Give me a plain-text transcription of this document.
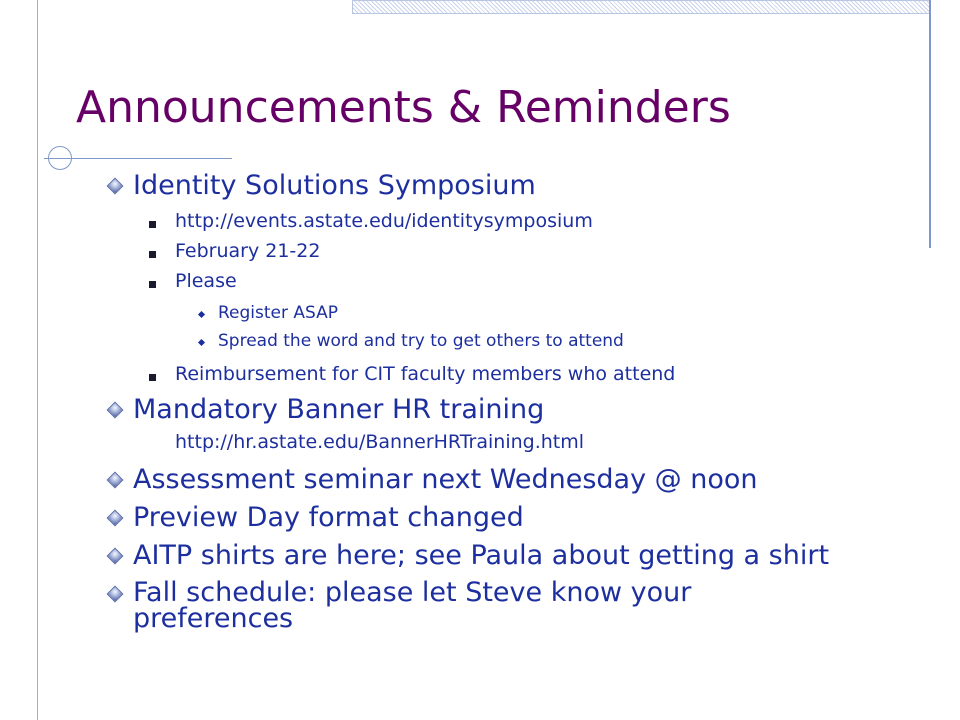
Announcements & Reminders
Identity Solutions Symposium
http://events.astate.edu/identitysymposium
February 21-22
Please
Register ASAP
Spread the word and try to get others to attend
Reimbursement for CIT faculty members who attend
Mandatory Banner HR training
http://hr.astate.edu/BannerHRTraining.html
Assessment seminar next Wednesday @ noon
Preview Day format changed
AITP shirts are here; see Paula about getting a shirt
Fall schedule: please let Steve know your preferences
